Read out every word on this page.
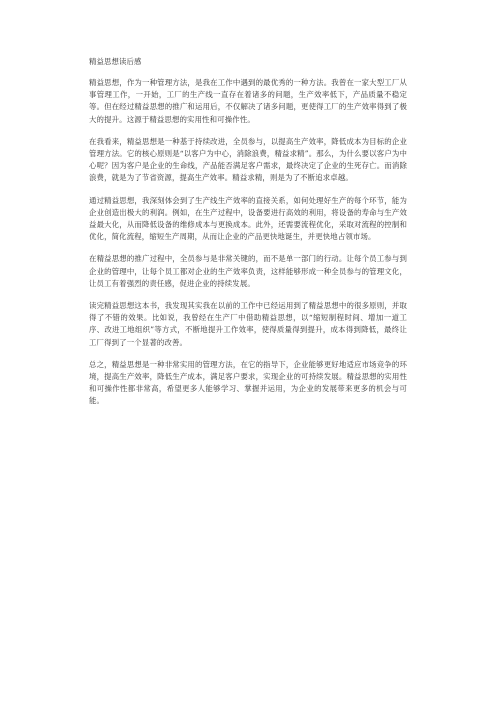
精益思想读后感

精益思想，作为一种管理方法，是我在工作中遇到的最优秀的一种方法。我曾在一家大型工厂从事管理工作，一开始，工厂的生产线一直存在着诸多的问题，生产效率低下，产品质量不稳定等。但在经过精益思想的推广和运用后，不仅解决了诸多问题，更使得工厂的生产效率得到了极大的提升。这源于精益思想的实用性和可操作性。

在我看来，精益思想是一种基于持续改进，全员参与，以提高生产效率，降低成本为目标的企业管理方法。它的核心原则是“以客户为中心，消除浪费，精益求精”。那么，为什么要以客户为中心呢？因为客户是企业的生命线，产品能否满足客户需求，最终决定了企业的生死存亡。而消除浪费，就是为了节省资源，提高生产效率。精益求精，则是为了不断追求卓越。

通过精益思想，我深刻体会到了生产线生产效率的直接关系，如何处理好生产的每个环节，能为企业创造出极大的利润。例如，在生产过程中，设备要进行高效的利用，将设备的寿命与生产效益最大化，从而降低设备的维修成本与更换成本。此外，还需要流程优化，采取对流程的控制和优化，简化流程，缩短生产周期，从而让企业的产品更快地诞生，并更快地占领市场。

在精益思想的推广过程中，全员参与是非常关键的，而不是单一部门的行动。让每个员工参与到企业的管理中，让每个员工都对企业的生产效率负责，这样能够形成一种全员参与的管理文化，让员工有着强烈的责任感，促进企业的持续发展。

读完精益思想这本书，我发现其实我在以前的工作中已经运用到了精益思想中的很多原则，并取得了不错的效果。比如说，我曾经在生产厂中借助精益思想，以“缩短制程时间、增加一道工序、改进工地组织”等方式，不断地提升工作效率，使得质量得到提升，成本得到降低，最终让工厂得到了一个显著的改善。

总之，精益思想是一种非常实用的管理方法，在它的指导下，企业能够更好地适应市场竞争的环境，提高生产效率，降低生产成本，满足客户要求，实现企业的可持续发展。精益思想的实用性和可操作性都非常高，希望更多人能够学习、掌握并运用，为企业的发展带来更多的机会与可能。
